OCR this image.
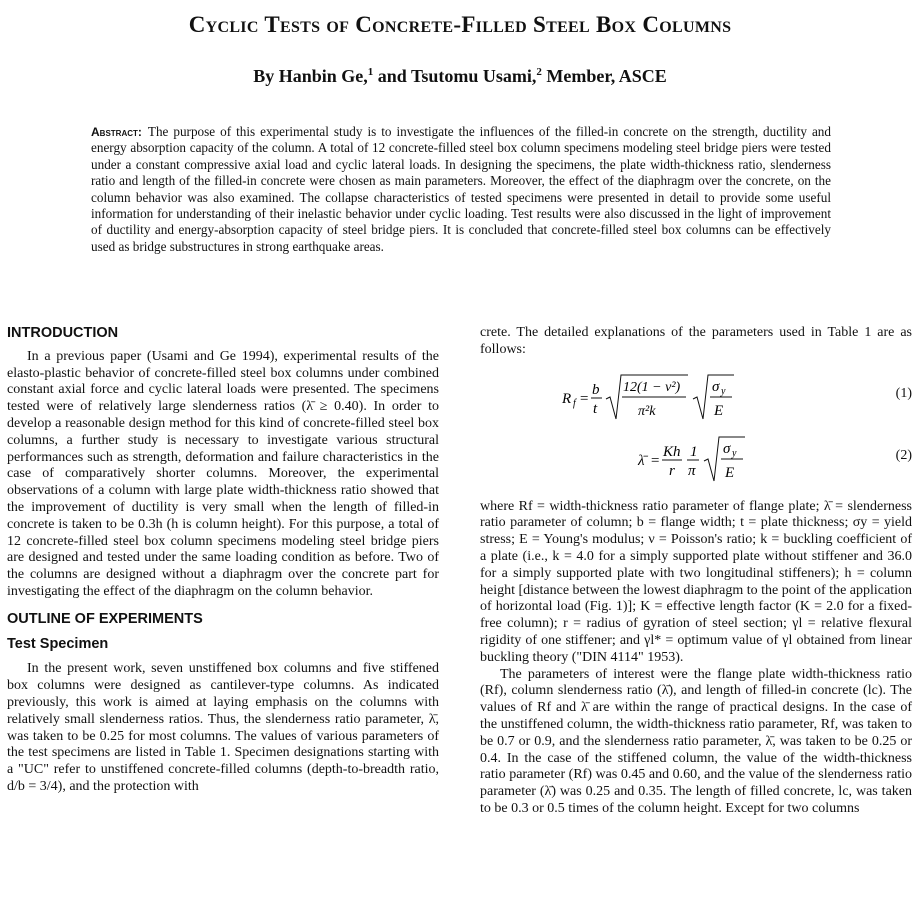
Cyclic Tests of Concrete-Filled Steel Box Columns
By Hanbin Ge,$^1$ and Tsutomu Usami,$^2$ Member, ASCE
Abstract: The purpose of this experimental study is to investigate the influences of the filled-in concrete on the strength, ductility and energy absorption capacity of the column. A total of 12 concrete-filled steel box column specimens modeling steel bridge piers were tested under a constant compressive axial load and cyclic lateral loads. In designing the specimens, the plate width-thickness ratio, slenderness ratio and length of the filled-in concrete were chosen as main parameters. Moreover, the effect of the diaphragm over the concrete, on the column behavior was also examined. The collapse characteristics of tested specimens were presented in detail to provide some useful information for understanding of their inelastic behavior under cyclic loading. Test results were also discussed in the light of improvement of ductility and energy-absorption capacity of steel bridge piers. It is concluded that concrete-filled steel box columns can be effectively used as bridge substructures in strong earthquake areas.
INTRODUCTION

In a previous paper (Usami and Ge 1994), experimental results of the elasto-plastic behavior of concrete-filled steel box columns under combined constant axial force and cyclic lateral loads were presented. The specimens tested were of relatively large slenderness ratios (λ̄ ≥ 0.40). In order to develop a reasonable design method for this kind of concrete-filled steel box columns, a further study is necessary to investigate various structural performances such as strength, deformation and failure characteristics in the case of comparatively shorter columns. Moreover, the experimental observations of a column with large plate width-thickness ratio showed that the improvement of ductility is very small when the length of filled-in concrete is taken to be 0.3h (h is column height). For this purpose, a total of 12 concrete-filled steel box column specimens modeling steel bridge piers are designed and tested under the same loading condition as before. Two of the columns are designed without a diaphragm over the concrete part for investigating the effect of the diaphragm on the column behavior.

OUTLINE OF EXPERIMENTS
Test Specimen

In the present work, seven unstiffened box columns and five stiffened box columns were designed as cantilever-type columns. As indicated previously, this work is aimed at laying emphasis on the columns with relatively small slenderness ratios. Thus, the slenderness ratio parameter, λ̄, was taken to be 0.25 for most columns. The values of various parameters of the test specimens are listed in Table 1. Specimen designations starting with a "UC" refer to unstiffened concrete-filled columns (depth-to-breadth ratio, d/b = 3/4), and the protection with

crete. The detailed explanations of the parameters used in Table 1 are as follows:

R f =
b
t
12(1 − ν²)
π²k
σ y
E
(1)
λ̄ =
Kh
r
1
π
σ y
E
(2)

where Rf = width-thickness ratio parameter of flange plate; λ̄ = slenderness ratio parameter of column; b = flange width; t = plate thickness; σy = yield stress; E = Young's modulus; ν = Poisson's ratio; k = buckling coefficient of a plate (i.e., k = 4.0 for a simply supported plate without stiffener and 36.0 for a simply supported plate with two longitudinal stiffeners); h = column height [distance between the lowest diaphragm to the point of the application of horizontal load (Fig. 1)]; K = effective length factor (K = 2.0 for a fixed-free column); r = radius of gyration of steel section; γl = relative flexural rigidity of one stiffener; and γl* = optimum value of γl obtained from linear buckling theory ("DIN 4114" 1953).

The parameters of interest were the flange plate width-thickness ratio (Rf), column slenderness ratio (λ̄), and length of filled-in concrete (lc). The values of Rf and λ̄ are within the range of practical designs. In the case of the unstiffened column, the width-thickness ratio parameter, Rf, was taken to be 0.7 or 0.9, and the slenderness ratio parameter, λ̄, was taken to be 0.25 or 0.4. In the case of the stiffened column, the value of the width-thickness ratio parameter (Rf) was 0.45 and 0.60, and the value of the slenderness ratio parameter (λ̄) was 0.25 and 0.35. The length of filled concrete, lc, was taken to be 0.3 or 0.5 times of the column height. Except for two columns
